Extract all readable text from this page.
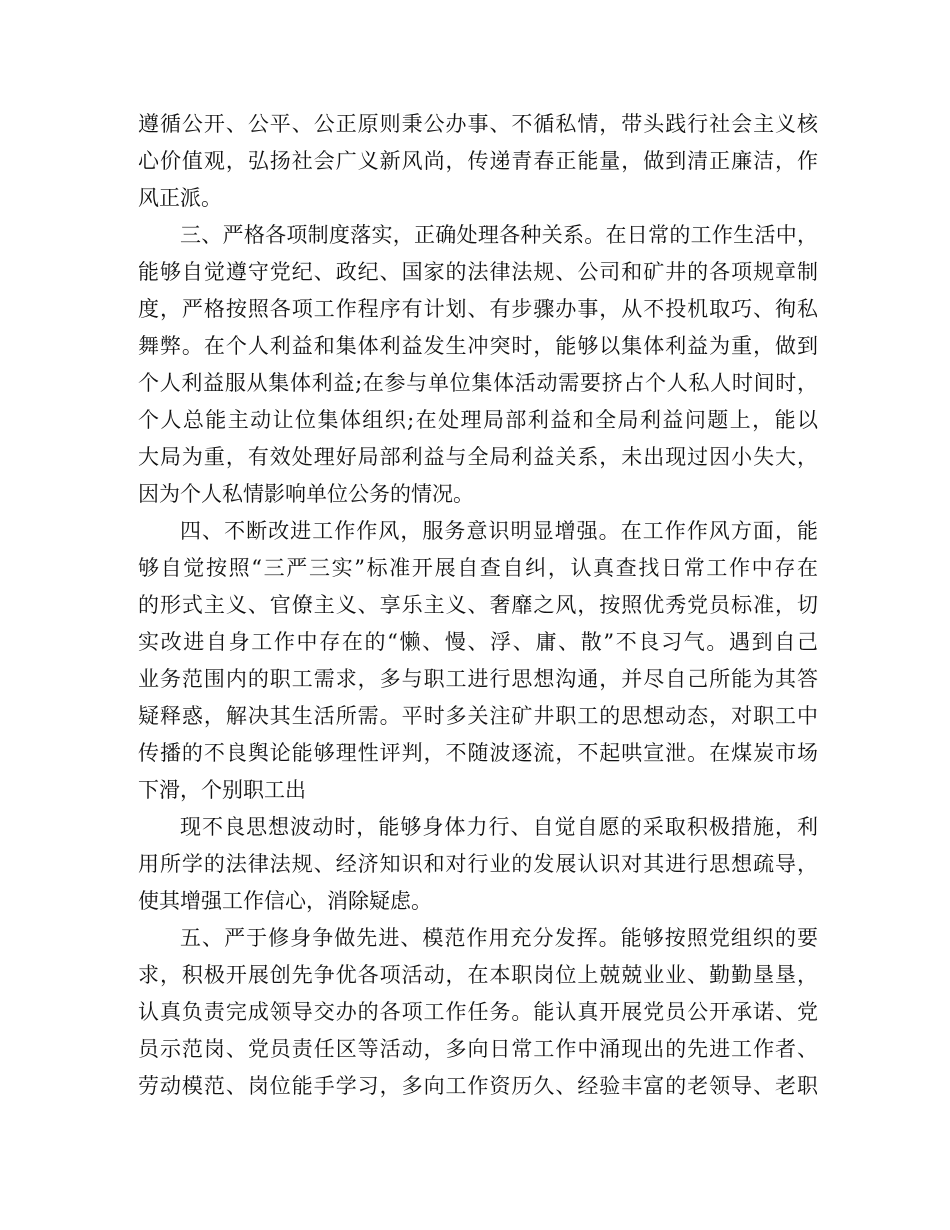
遵循公开、公平、公正原则秉公办事、不循私情，带头践行社会主义核
心价值观，弘扬社会广义新风尚，传递青春正能量，做到清正廉洁，作
风正派。
三、严格各项制度落实，正确处理各种关系。在日常的工作生活中，
能够自觉遵守党纪、政纪、国家的法律法规、公司和矿井的各项规章制
度，严格按照各项工作程序有计划、有步骤办事，从不投机取巧、徇私
舞弊。在个人利益和集体利益发生冲突时，能够以集体利益为重，做到
个人利益服从集体利益;在参与单位集体活动需要挤占个人私人时间时，
个人总能主动让位集体组织;在处理局部利益和全局利益问题上，能以
大局为重，有效处理好局部利益与全局利益关系，未出现过因小失大，
因为个人私情影响单位公务的情况。
四、不断改进工作作风，服务意识明显增强。在工作作风方面，能
够自觉按照“三严三实”标准开展自查自纠，认真查找日常工作中存在
的形式主义、官僚主义、享乐主义、奢靡之风，按照优秀党员标准，切
实改进自身工作中存在的“懒、慢、浮、庸、散”不良习气。遇到自己
业务范围内的职工需求，多与职工进行思想沟通，并尽自己所能为其答
疑释惑，解决其生活所需。平时多关注矿井职工的思想动态，对职工中
传播的不良舆论能够理性评判，不随波逐流，不起哄宣泄。在煤炭市场
下滑，个别职工出
现不良思想波动时，能够身体力行、自觉自愿的采取积极措施，利
用所学的法律法规、经济知识和对行业的发展认识对其进行思想疏导，
使其增强工作信心，消除疑虑。
五、严于修身争做先进、模范作用充分发挥。能够按照党组织的要
求，积极开展创先争优各项活动，在本职岗位上兢兢业业、勤勤垦垦，
认真负责完成领导交办的各项工作任务。能认真开展党员公开承诺、党
员示范岗、党员责任区等活动，多向日常工作中涌现出的先进工作者、
劳动模范、岗位能手学习，多向工作资历久、经验丰富的老领导、老职
